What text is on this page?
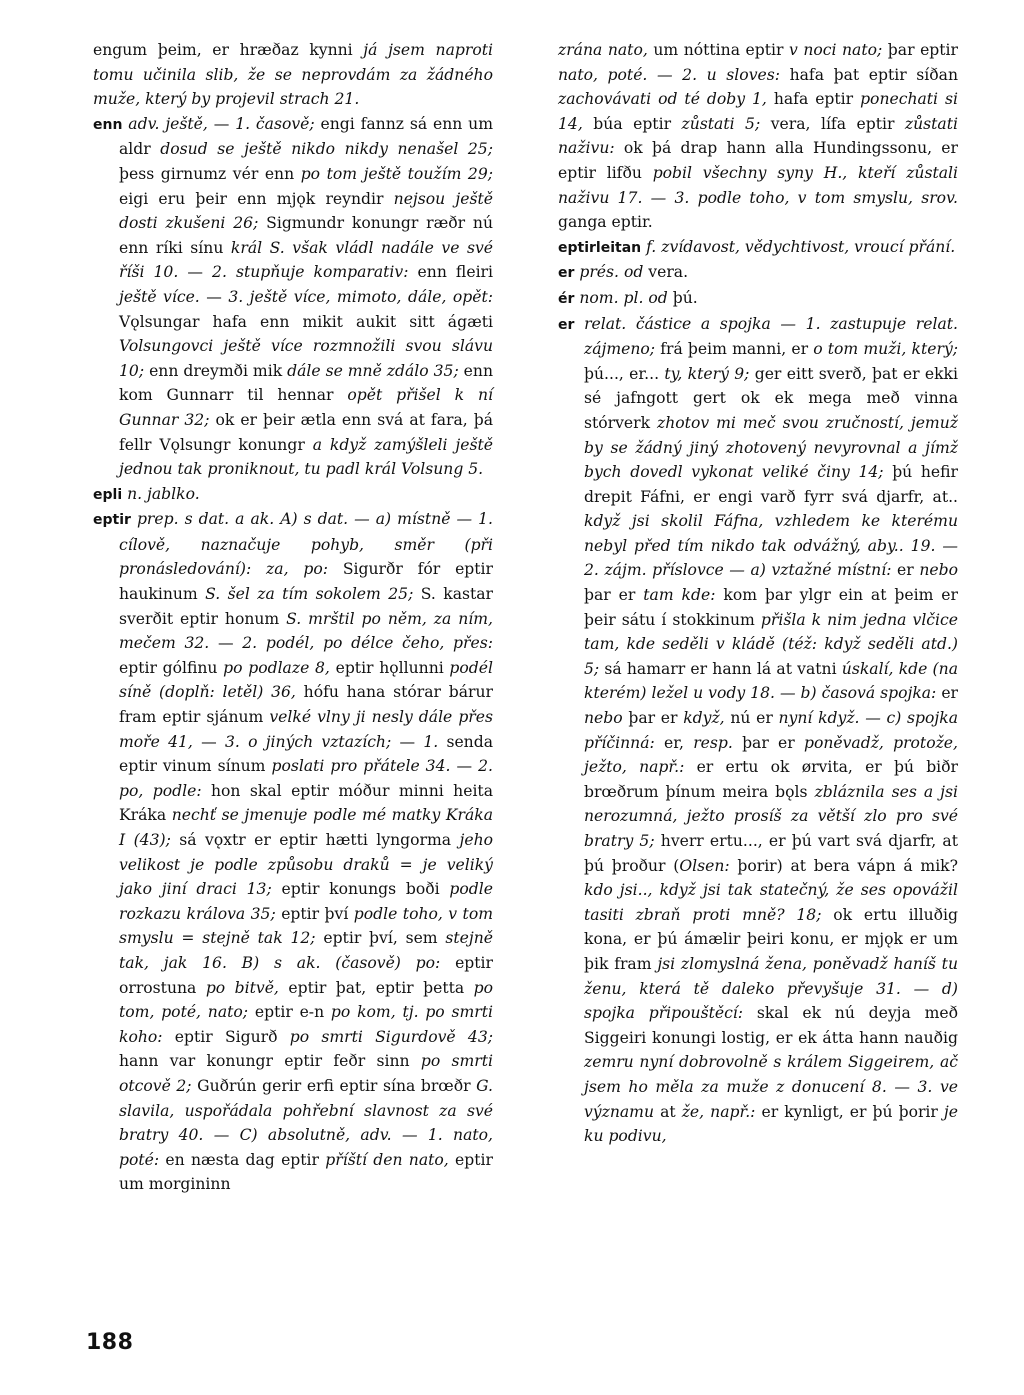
engum þeim, er hræðaz kynni já jsem naproti tomu učinila slib, že se neprovdám za žádného muže, který by projevil strach 21.

enn adv. ještě, — 1. časově; engi fannz sá enn um aldr dosud se ještě nikdo nikdy nenašel 25; þess girnumz vér enn po tom ještě toužím 29; eigi eru þeir enn mjǫk reyndir nejsou ještě dosti zkušeni 26; Sigmundr konungr ræðr nú enn ríki sínu král S. však vládl nadále ve své říši 10. — 2. stupňuje komparativ: enn fleiri ještě více. — 3. ještě více, mimoto, dále, opět: Vǫlsungar hafa enn mikit aukit sitt ágæti Volsungovci ještě více rozmnožili svou slávu 10; enn dreymði mik dále se mně zdálo 35; enn kom Gunnarr til hennar opět přišel k ní Gunnar 32; ok er þeir ætla enn svá at fara, þá fellr Vǫlsungr konungr a když zamýšleli ještě jednou tak proniknout, tu padl král Volsung 5.

epli n. jablko.

eptir prep. s dat. a ak. A) s dat. — a) místně — 1. cílově, naznačuje pohyb, směr (při pronásledování): za, po: Sigurðr fór eptir haukinum S. šel za tím sokolem 25; S. kastar sverðit eptir honum S. mrštil po něm, za ním, mečem 32. — 2. podél, po délce čeho, přes: eptir gólfinu po podlaze 8, eptir hǫllunni podél síně (doplň: letěl) 36, hófu hana stórar bárur fram eptir sjánum velké vlny ji nesly dále přes moře 41, — 3. o jiných vztazích; — 1. senda eptir vinum sínum poslati pro přátele 34. — 2. po, podle: hon skal eptir móður minni heita Kráka nechť se jmenuje podle mé matky Kráka I (43); sá vǫxtr er eptir hætti lyngorma jeho velikost je podle způsobu draků = je veliký jako jiní draci 13; eptir konungs boði podle rozkazu králova 35; eptir því podle toho, v tom smyslu = stejně tak 12; eptir því, sem stejně tak, jak 16. B) s ak. (časově) po: eptir orrostuna po bitvě, eptir þat, eptir þetta po tom, poté, nato; eptir e-n po kom, tj. po smrti koho: eptir Sigurð po smrti Sigurdově 43; hann var konungr eptir feðr sinn po smrti otcově 2; Guðrún gerir erfi eptir sína brœðr G. slavila, uspořádala pohřební slavnost za své bratry 40. — C) absolutně, adv. — 1. nato, poté: en næsta dag eptir příští den nato, eptir um morgininn

zrána nato, um nóttina eptir v noci nato; þar eptir nato, poté. — 2. u sloves: hafa þat eptir síðan zachovávati od té doby 1, hafa eptir ponechati si 14, búa eptir zůstati 5; vera, lífa eptir zůstati naživu: ok þá drap hann alla Hundingssonu, er eptir lifðu pobil všechny syny H., kteří zůstali naživu 17. — 3. podle toho, v tom smyslu, srov. ganga eptir.

eptirleitan f. zvídavost, vědychtivost, vroucí přání.

er prés. od vera.

ér nom. pl. od þú.

er relat. částice a spojka — 1. zastupuje relat. zájmeno; frá þeim manni, er o tom muži, který; þú..., er... ty, který 9; ger eitt sverð, þat er ekki sé jafngott gert ok ek mega með vinna stórverk zhotov mi meč svou zručností, jemuž by se žádný jiný zhotovený nevyrovnal a jímž bych dovedl vykonat veliké činy 14; þú hefir drepit Fáfni, er engi varð fyrr svá djarfr, at.. když jsi skolil Fáfna, vzhledem ke kterému nebyl před tím nikdo tak odvážný, aby.. 19. — 2. zájm. příslovce — a) vztažné místní: er nebo þar er tam kde: kom þar ylgr ein at þeim er þeir sátu í stokkinum přišla k nim jedna vlčice tam, kde seděli v kládě (též: když seděli atd.) 5; sá hamarr er hann lá at vatni úskalí, kde (na kterém) ležel u vody 18. — b) časová spojka: er nebo þar er když, nú er nyní když. — c) spojka příčinná: er, resp. þar er poněvadž, protože, ježto, např.: er ertu ok ørvita, er þú biðr brœðrum þínum meira bǫls zbláznila ses a jsi nerozumná, ježto prosíš za větší zlo pro své bratry 5; hverr ertu..., er þú vart svá djarfr, at þú þroður (Olsen: þorir) at bera vápn á mik? kdo jsi.., když jsi tak statečný, že ses opovážil tasiti zbraň proti mně? 18; ok ertu illuðig kona, er þú ámælir þeiri konu, er mjǫk er um þik fram jsi zlomyslná žena, poněvadž haníš tu ženu, která tě daleko převyšuje 31. — d) spojka připouštěcí: skal ek nú deyja með Siggeiri konungi lostig, er ek átta hann nauðig zemru nyní dobrovolně s králem Siggeirem, ač jsem ho měla za muže z donucení 8. — 3. ve významu at že, např.: er kynligt, er þú þorir je ku podivu,

188
